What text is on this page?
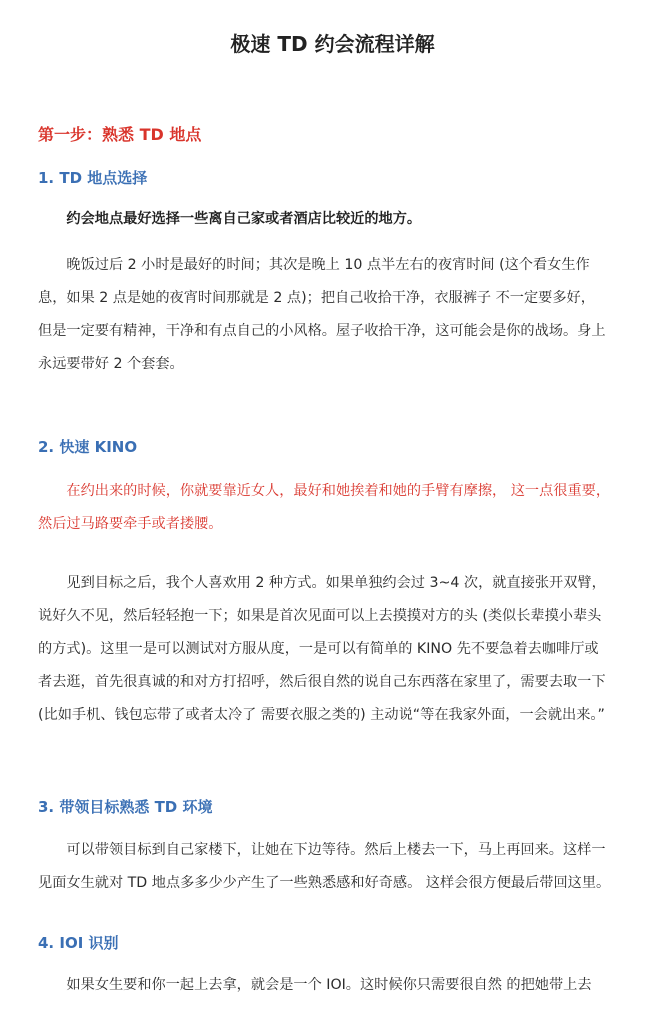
极速 TD 约会流程详解
第一步：熟悉 TD 地点
1. TD 地点选择

约会地点最好选择一些离自己家或者酒店比较近的地方。

晚饭过后 2 小时是最好的时间；其次是晚上 10 点半左右的夜宵时间 (这个看女生作
息，如果 2 点是她的夜宵时间那就是 2 点)；把自己收拾干净，衣服裤子 不一定要多好，
但是一定要有精神，干净和有点自己的小风格。屋子收拾干净，这可能会是你的战场。身上
永远要带好 2 个套套。

2. 快速 KINO

在约出来的时候，你就要靠近女人，最好和她挨着和她的手臂有摩擦， 这一点很重要，
然后过马路要牵手或者搂腰。

见到目标之后，我个人喜欢用 2 种方式。如果单独约会过 3~4 次，就直接张开双臂，
说好久不见，然后轻轻抱一下；如果是首次见面可以上去摸摸对方的头 (类似长辈摸小辈头
的方式)。这里一是可以测试对方服从度，一是可以有简单的 KINO 先不要急着去咖啡厅或
者去逛，首先很真诚的和对方打招呼，然后很自然的说自己东西落在家里了，需要去取一下
(比如手机、钱包忘带了或者太冷了 需要衣服之类的) 主动说“等在我家外面，一会就出来。”

3. 带领目标熟悉 TD 环境

可以带领目标到自己家楼下，让她在下边等待。然后上楼去一下，马上再回来。这样一
见面女生就对 TD 地点多多少少产生了一些熟悉感和好奇感。 这样会很方便最后带回这里。

4. IOI 识别

如果女生要和你一起上去拿，就会是一个 IOI。这时候你只需要很自然 的把她带上去
